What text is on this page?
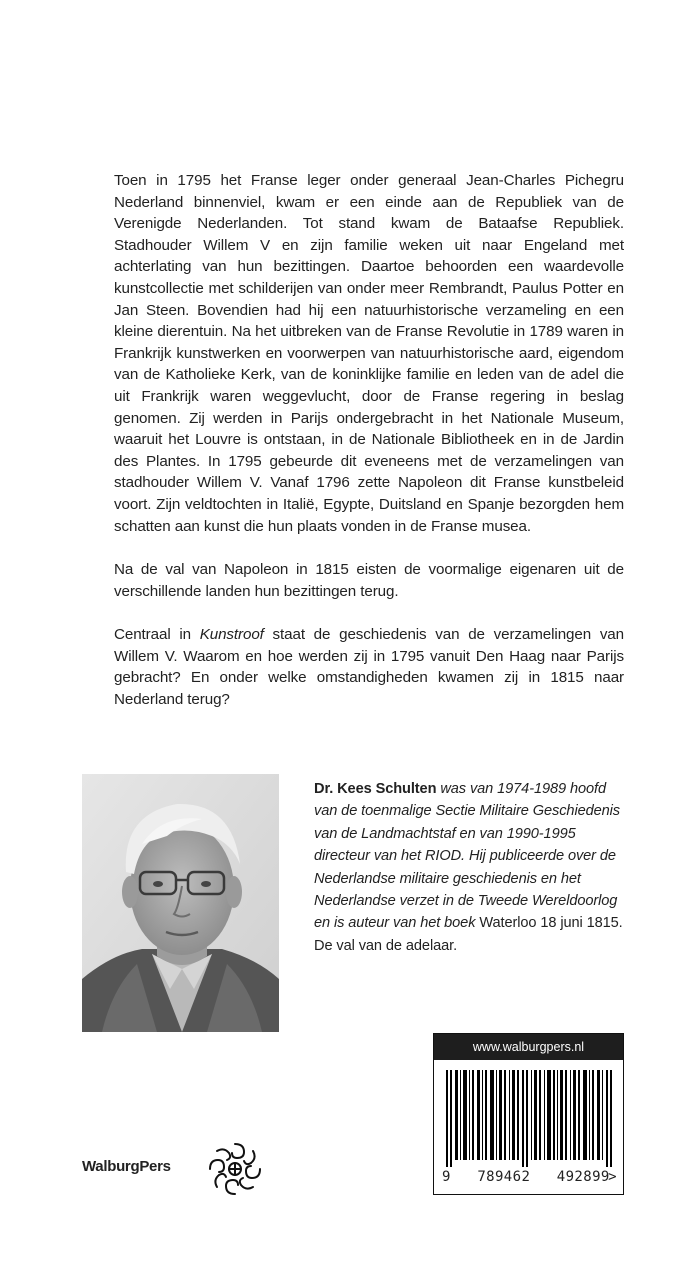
Toen in 1795 het Franse leger onder generaal Jean-Charles Pichegru Nederland binnenviel, kwam er een einde aan de Republiek van de Verenigde Nederlanden. Tot stand kwam de Bataafse Republiek. Stadhouder Willem V en zijn familie weken uit naar Engeland met achterlating van hun bezittingen. Daartoe behoorden een waardevolle kunstcollectie met schilderijen van onder meer Rembrandt, Paulus Potter en Jan Steen. Bovendien had hij een natuurhistorische verzameling en een kleine dierentuin. Na het uitbreken van de Franse Revolutie in 1789 waren in Frankrijk kunstwerken en voorwerpen van natuurhistorische aard, eigendom van de Katholieke Kerk, van de koninklijke familie en leden van de adel die uit Frankrijk waren weggevlucht, door de Franse regering in beslag genomen. Zij werden in Parijs ondergebracht in het Nationale Museum, waaruit het Louvre is ontstaan, in de Nationale Bibliotheek en in de Jardin des Plantes. In 1795 gebeurde dit eveneens met de verzamelingen van stadhouder Willem V. Vanaf 1796 zette Napoleon dit Franse kunstbeleid voort. Zijn veldtochten in Italië, Egypte, Duitsland en Spanje bezorgden hem schatten aan kunst die hun plaats vonden in de Franse musea.

Na de val van Napoleon in 1815 eisten de voormalige eigenaren uit de verschillende landen hun bezittingen terug.

Centraal in Kunstroof staat de geschiedenis van de verzamelingen van Willem V. Waarom en hoe werden zij in 1795 vanuit Den Haag naar Parijs gebracht? En onder welke omstandigheden kwamen zij in 1815 naar Nederland terug?

Dr. Kees Schulten was van 1974-1989 hoofd van de toenmalige Sectie Militaire Geschiedenis van de Landmachtstaf en van 1990-1995 directeur van het RIOD. Hij publiceerde over de Nederlandse militaire geschiedenis en het Nederlandse verzet in de Tweede Wereldoorlog en is auteur van het boek Waterloo 18 juni 1815. De val van de adelaar.
www.walburgpers.nl
9   789462   492899
>
WalburgPers
